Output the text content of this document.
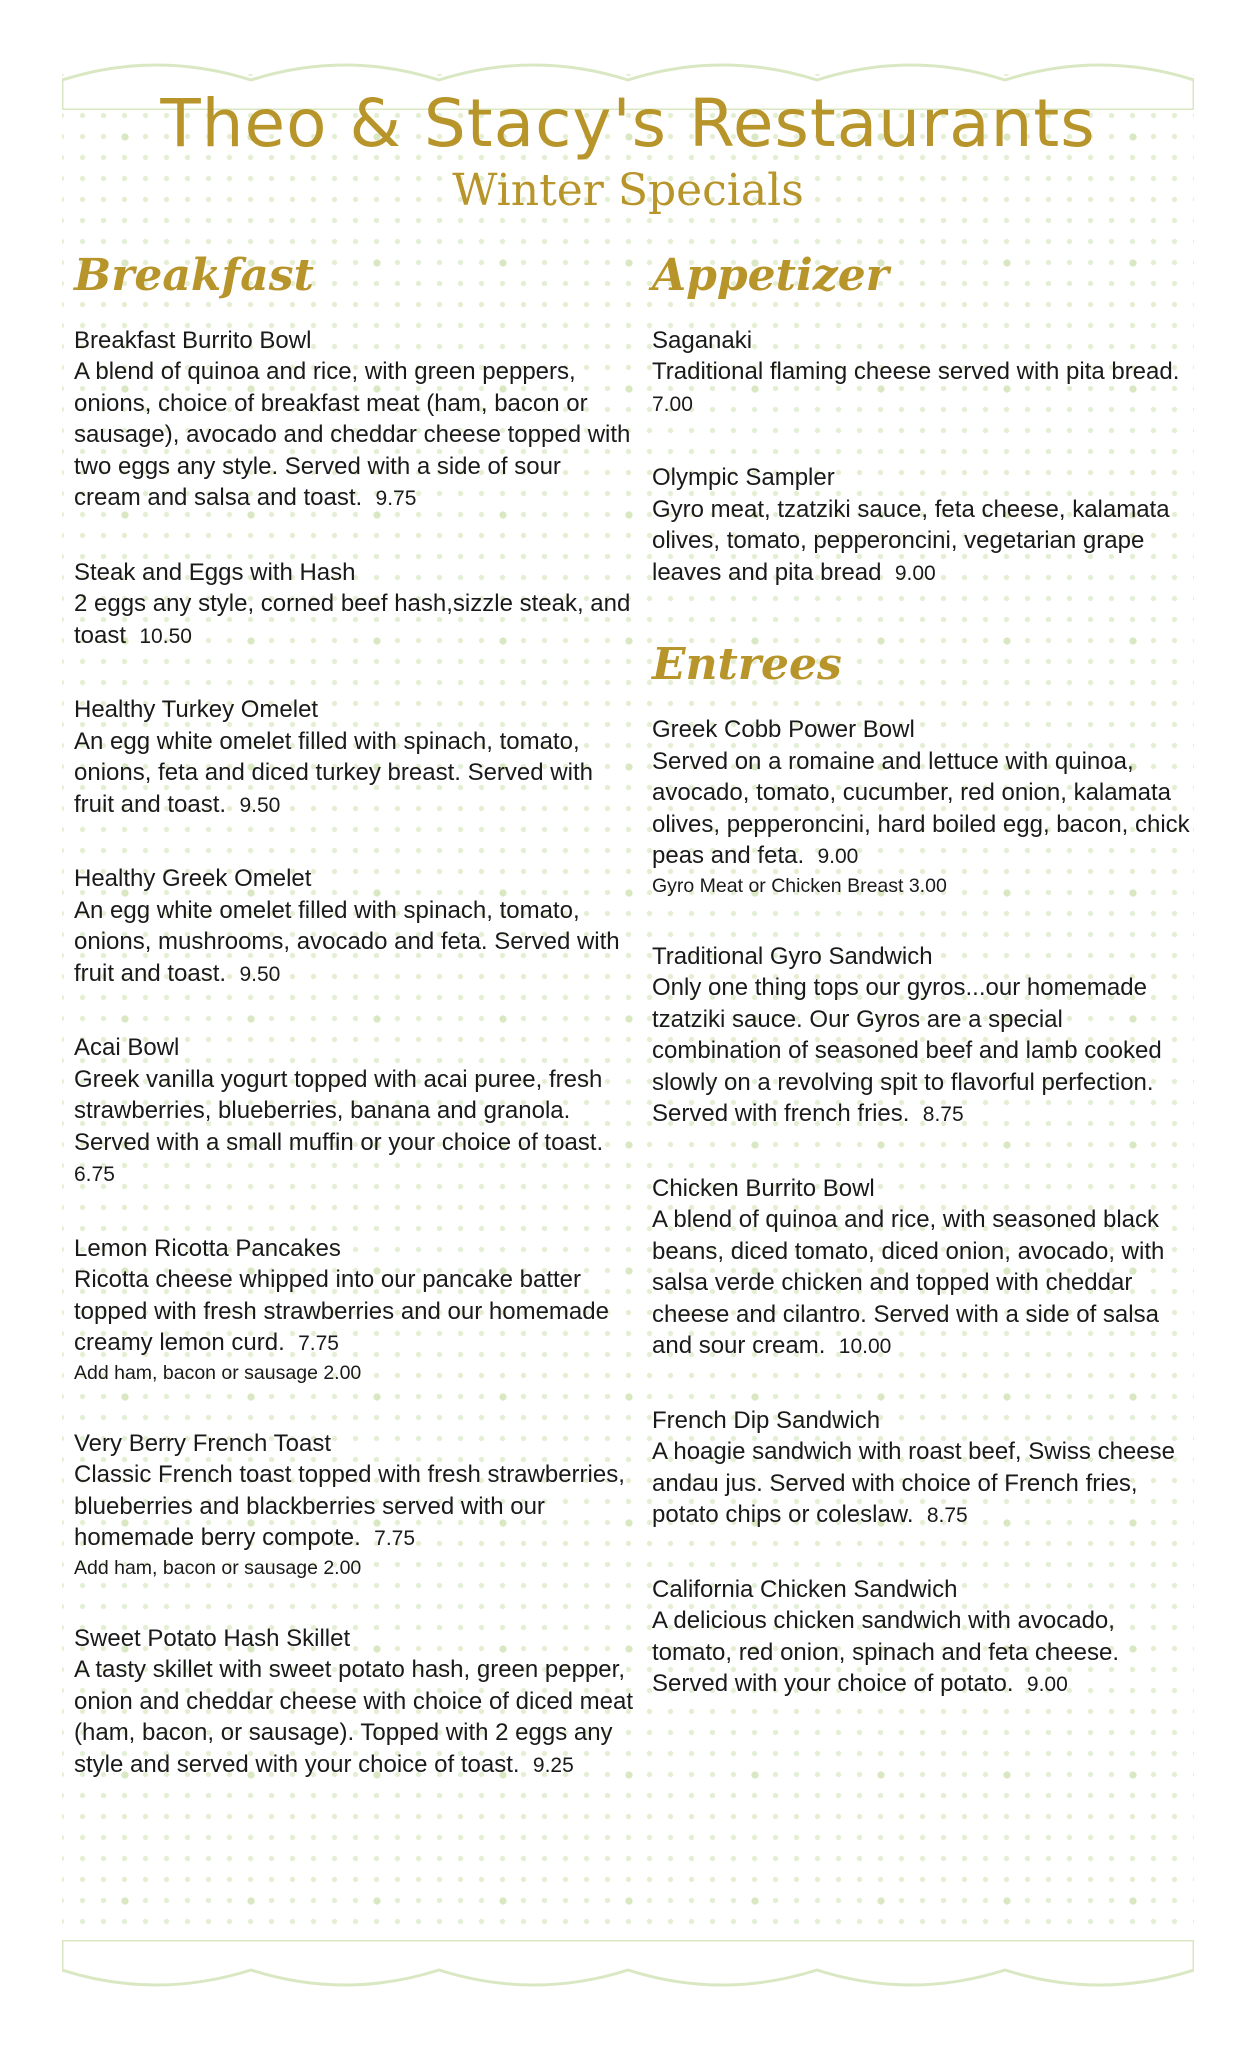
Theo & Stacy's Restaurants
Winter Specials
Breakfast
Breakfast Burrito Bowl
A blend of quinoa and rice, with green peppers, onions, choice of breakfast meat (ham, bacon or sausage), avocado and cheddar cheese topped with two eggs any style. Served with a side of sour cream and salsa and toast. 9.75
Steak and Eggs with Hash
2 eggs any style, corned beef hash,sizzle steak, and toast 10.50
Healthy Turkey Omelet
An egg white omelet filled with spinach, tomato, onions, feta and diced turkey breast. Served with fruit and toast. 9.50
Healthy Greek Omelet
An egg white omelet filled with spinach, tomato, onions, mushrooms, avocado and feta. Served with fruit and toast. 9.50
Acai Bowl
Greek vanilla yogurt topped with acai puree, fresh strawberries, blueberries, banana and granola. Served with a small muffin or your choice of toast.  6.75
Lemon Ricotta Pancakes
Ricotta cheese whipped into our pancake batter topped with fresh strawberries and our homemade creamy lemon curd. 7.75
Add ham, bacon or sausage 2.00
Very Berry French Toast
Classic French toast topped with fresh strawberries, blueberries and blackberries served with our homemade berry compote. 7.75
Add ham, bacon or sausage 2.00
Sweet Potato Hash Skillet
A tasty skillet with sweet potato hash, green pepper, onion and cheddar cheese with choice of diced meat (ham, bacon, or sausage). Topped with 2 eggs any style and served with your choice of toast. 9.25
Appetizer
Saganaki
Traditional flaming cheese served with pita bread.  7.00
Olympic Sampler
Gyro meat, tzatziki sauce, feta cheese, kalamata olives, tomato, pepperoncini, vegetarian grape leaves and pita bread 9.00
Entrees
Greek Cobb Power Bowl
Served on a romaine and lettuce with quinoa, avocado, tomato, cucumber, red onion, kalamata olives, pepperoncini, hard boiled egg, bacon, chick peas and feta. 9.00
Gyro Meat or Chicken Breast 3.00
Traditional Gyro Sandwich
Only one thing tops our gyros...our homemade tzatziki sauce. Our Gyros are a special combination of seasoned beef and lamb cooked slowly on a revolving spit to flavorful perfection. Served with french fries. 8.75
Chicken Burrito Bowl
A blend of quinoa and rice, with seasoned black beans, diced tomato, diced onion, avocado, with salsa verde chicken and topped with cheddar cheese and cilantro. Served with a side of salsa and sour cream. 10.00
French Dip Sandwich
A hoagie sandwich with roast beef, Swiss cheese andau jus. Served with choice of French fries, potato chips or coleslaw. 8.75
California Chicken Sandwich
A delicious chicken sandwich with avocado, tomato, red onion, spinach and feta cheese. Served with your choice of potato. 9.00
